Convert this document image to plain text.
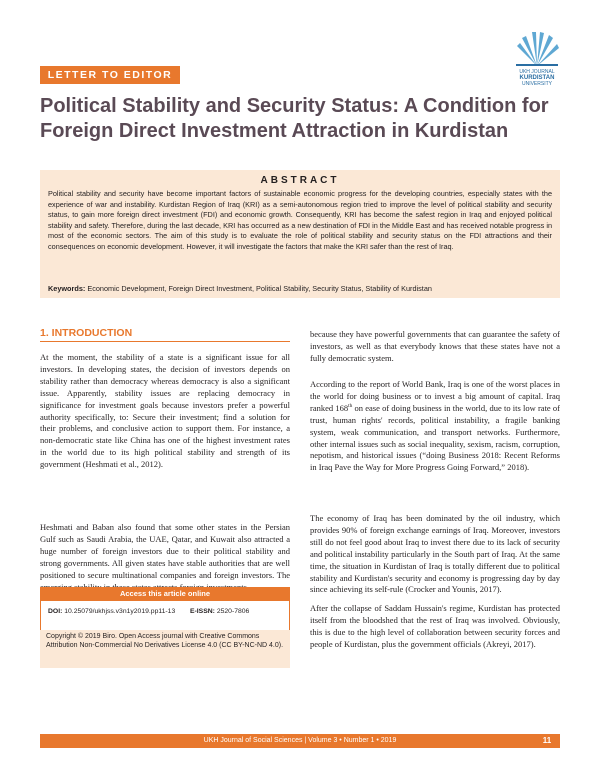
LETTER TO EDITOR	UKH JOURNAL
KURDISTAN
UNIVERSITY
Political Stability and Security Status: A Condition for
Foreign Direct Investment Attraction in Kurdistan
ABSTRACT
Political stability and security have become important factors of sustainable economic progress for the developing countries, especially states with the experience of war and instability. Kurdistan Region of Iraq (KRI) as a semi-autonomous region tried to improve the level of political stability and security status, to gain more foreign direct investment (FDI) and economic growth. Consequently, KRI has become the safest region in Iraq and enjoyed political stability and safety. Therefore, during the last decade, KRI has occurred as a new destination of FDI in the Middle East and has received notable progress in most of the economic sectors. The aim of this study is to evaluate the role of political stability and security status on the FDI attractions and their consequences on economic development. However, it will investigate the factors that make the KRI safer than the rest of Iraq.
Keywords: Economic Development, Foreign Direct Investment, Political Stability, Security Status, Stability of Kurdistan
1. INTRODUCTION

At the moment, the stability of a state is a significant issue for all investors. In developing states, the decision of investors depends on stability rather than democracy whereas democracy is also a significant issue. Apparently, stability issues are replacing democracy in significance for investment goals because investors prefer a powerful authority specifically, to: Secure their investment; find a solution for their problems, and conclusive action to support them. For instance, a non-democratic state like China has one of the highest investment rates in the world due to its high political stability and strength of its government (Heshmati et al., 2012).

Heshmati and Baban also found that some other states in the Persian Gulf such as Saudi Arabia, the UAE, Qatar, and Kuwait also attracted a huge number of foreign investors due to their political stability and strong governments. All given states have stable authorities that are well positioned to secure multinational companies and foreign investors. The

Access this article online
DOI: 10.25079/ukhjss.v3n1y2019.pp11-13 E-ISSN: 2520-7806
Copyright © 2019 Biro. Open Access journal with Creative Commons Attribution Non-Commercial No Derivatives License 4.0 (CC BY-NC-ND 4.0).

because they have powerful governments that can guarantee the safety of investors, as well as that everybody knows that these states have not a fully democratic system.

According to the report of World Bank, Iraq is one of the worst places in the world for doing business or to invest a big amount of capital. Iraq ranked 168th on ease of doing business in the world, due to its low rate of trust, human rights' records, political instability, a fragile banking system, weak communication, and transport networks. Furthermore, other internal issues such as social inequality, sexism, racism, corruption, nepotism, and historical issues (“doing Business 2018: Recent Reforms in Iraq Pave the Way for More Progress Going Forward,” 2018).

The economy of Iraq has been dominated by the oil industry, which provides 90% of foreign exchange earnings of Iraq. Moreover, investors still do not feel good about Iraq to invest there due to its lack of security and political instability particularly in the South part of Iraq. At the same time, the situation in Kurdistan of Iraq is totally different due to political stability and Kurdistan's security and economy is progressing day by day since achieving its self-rule (Crocker and Younis, 2017).

After the collapse of Saddam Hussain's regime, Kurdistan has protected itself from the bloodshed that the rest of Iraq was involved. Obviously, this is due to the high level of collaboration between security forces and people of Kurdistan, plus the government officials (Akreyi, 2017).

UKH Journal of Social Sciences | Volume 3 • Number 1 • 2019	11
